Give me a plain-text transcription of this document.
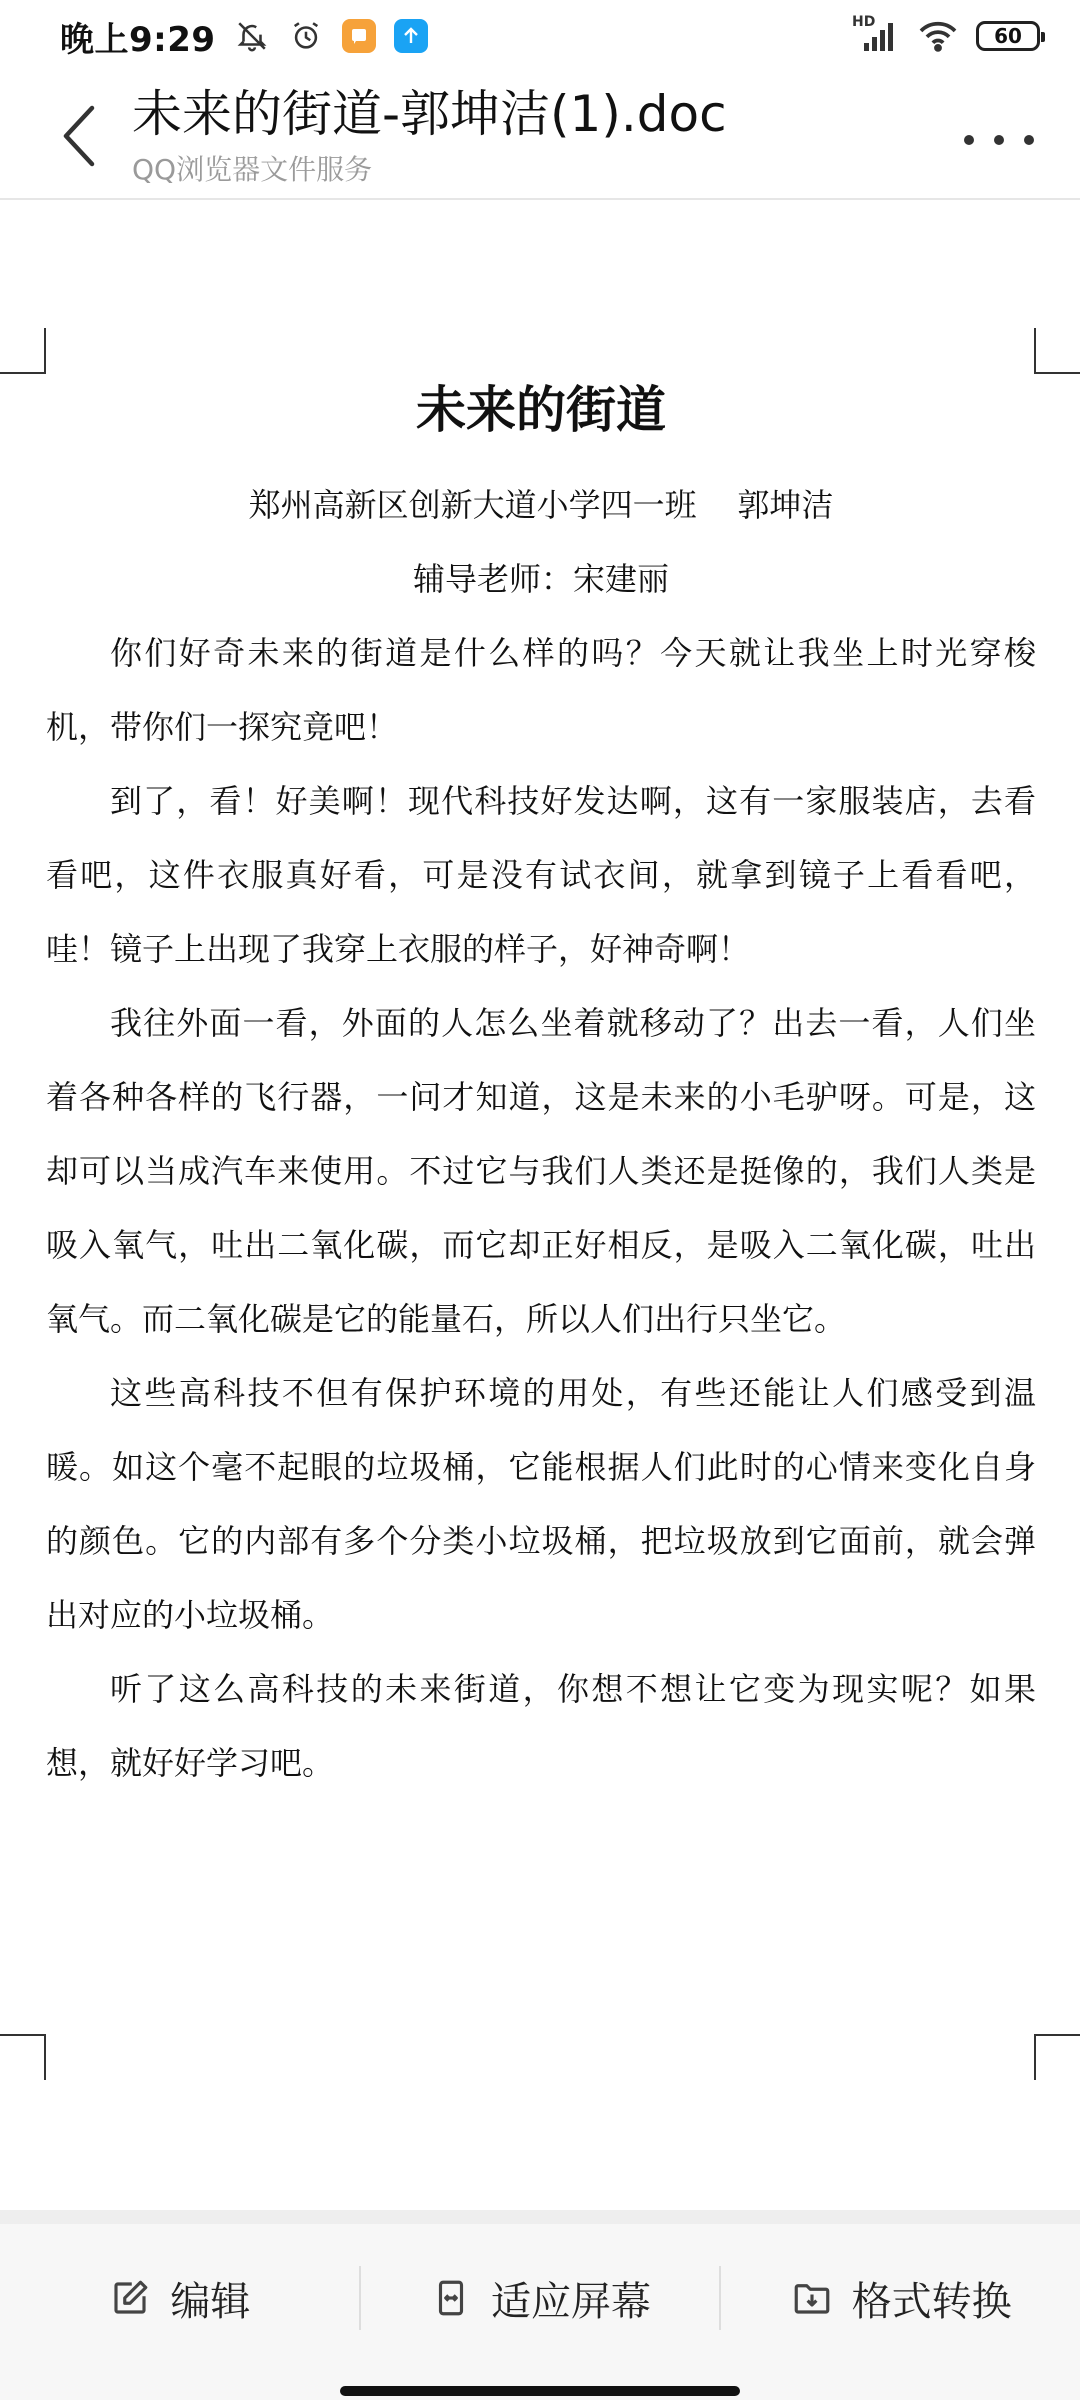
晚上9:29	HD
60
未来的街道-郭坤洁(1).doc
QQ浏览器文件服务
未来的街道
郑州高新区创新大道小学四一班    郭坤洁
辅导老师：宋建丽

你们好奇未来的街道是什么样的吗？今天就让我坐上时光穿梭机，带你们一探究竟吧！

到了，看！好美啊！现代科技好发达啊，这有一家服装店，去看看吧，这件衣服真好看，可是没有试衣间，就拿到镜子上看看吧，哇！镜子上出现了我穿上衣服的样子，好神奇啊！

我往外面一看，外面的人怎么坐着就移动了？出去一看，人们坐着各种各样的飞行器，一问才知道，这是未来的小毛驴呀。可是，这却可以当成汽车来使用。不过它与我们人类还是挺像的，我们人类是吸入氧气，吐出二氧化碳，而它却正好相反，是吸入二氧化碳，吐出氧气。而二氧化碳是它的能量石，所以人们出行只坐它。

这些高科技不但有保护环境的用处，有些还能让人们感受到温暖。如这个毫不起眼的垃圾桶，它能根据人们此时的心情来变化自身的颜色。它的内部有多个分类小垃圾桶，把垃圾放到它面前，就会弹出对应的小垃圾桶。

听了这么高科技的未来街道，你想不想让它变为现实呢？如果想，就好好学习吧。

编辑	适应屏幕	格式转换
